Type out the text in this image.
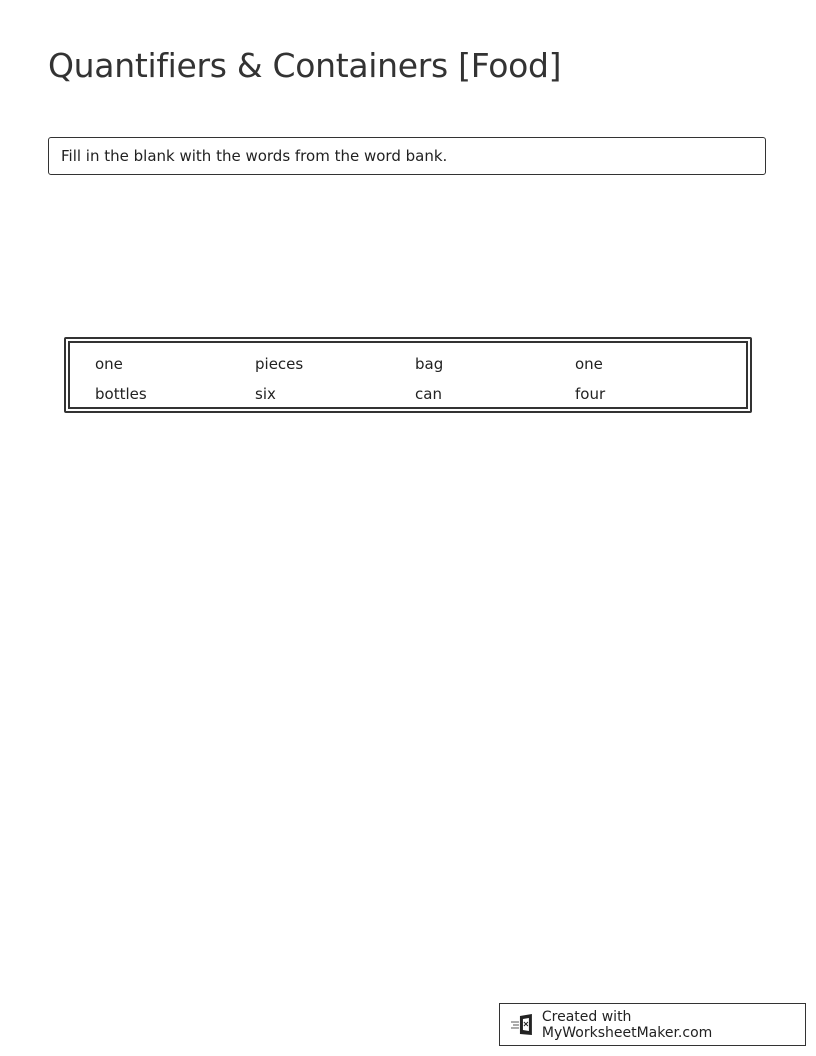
Quantifiers & Containers [Food]
Fill in the blank with the words from the word bank.
one	pieces	bag	one
bottles	six	can	four
Created with MyWorksheetMaker.com
